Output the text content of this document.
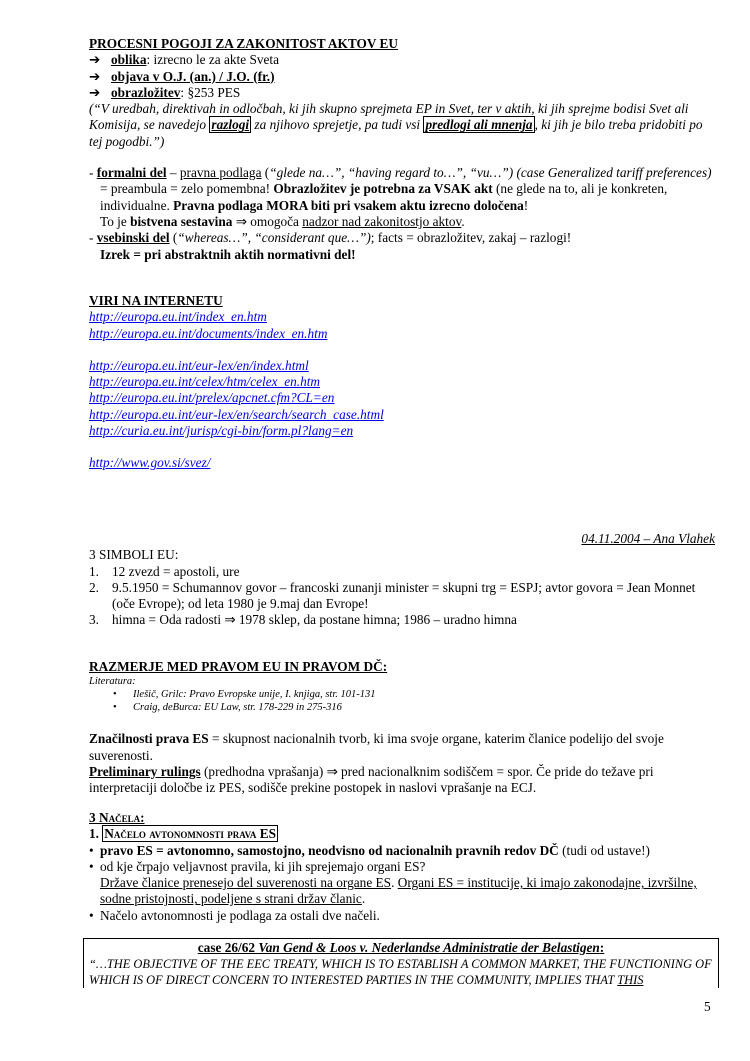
PROCESNI POGOJI ZA ZAKONITOST AKTOV EU
➔ oblika: izrecno le za akte Sveta
➔ objava v O.J. (an.) / J.O. (fr.)
➔ obrazložitev: §253 PES
(“V uredbah, direktivah in odločbah, ki jih skupno sprejmeta EP in Svet, ter v aktih, ki jih sprejme bodisi Svet ali Komisija, se navedejo razlogi za njihovo sprejetje, pa tudi vsi predlogi ali mnenja , ki jih je bilo treba pridobiti po tej pogodbi.”)
- formalni del – pravna podlaga (“glede na…”, “having regard to…”, “vu…”) (case Generalized tariff preferences) = preambula = zelo pomembna! Obrazložitev je potrebna za VSAK akt (ne glede na to, ali je konkreten, individualne. Pravna podlaga MORA biti pri vsakem aktu izrecno določena!
To je bistvena sestavina ⇒ omogoča nadzor nad zakonitostjo aktov.
- vsebinski del (“whereas…”, “considerant que…”); facts = obrazložitev, zakaj – razlogi!
Izrek = pri abstraktnih aktih normativni del!
VIRI NA INTERNETU
http://europa.eu.int/index_en.htm
http://europa.eu.int/documents/index_en.htm
http://europa.eu.int/eur-lex/en/index.html
http://europa.eu.int/celex/htm/celex_en.htm
http://europa.eu.int/prelex/apcnet.cfm?CL=en
http://europa.eu.int/eur-lex/en/search/search_case.html
http://curia.eu.int/jurisp/cgi-bin/form.pl?lang=en
http://www.gov.si/svez/
04.11.2004 – Ana Vlahek
3 SIMBOLI EU:
1. 12 zvezd = apostoli, ure
2. 9.5.1950 = Schumannov govor – francoski zunanji minister = skupni trg = ESPJ; avtor govora = Jean Monnet (oče Evrope); od leta 1980 je 9.maj dan Evrope!
3. himna = Oda radosti ⇒ 1978 sklep, da postane himna; 1986 – uradno himna
RAZMERJE MED PRAVOM EU IN PRAVOM DČ:
Literatura:
• Ilešič, Grilc: Pravo Evropske unije, I. knjiga, str. 101-131
• Craig, deBurca: EU Law, str. 178-229 in 275-316
Značilnosti prava ES = skupnost nacionalnih tvorb, ki ima svoje organe, katerim članice podelijo del svoje suverenosti.
Preliminary rulings (predhodna vprašanja) ⇒ pred nacionalknim sodiščem = spor. Če pride do težave pri interpretaciji določbe iz PES, sodišče prekine postopek in naslovi vprašanje na ECJ.
3 Načela:
1. Načelo avtonomnosti prava ES
• pravo ES = avtonomno, samostojno, neodvisno od nacionalnih pravnih redov DČ (tudi od ustave!)
• od kje črpajo veljavnost pravila, ki jih sprejemajo organi ES?
Države članice prenesejo del suverenosti na organe ES. Organi ES = institucije, ki imajo zakonodajne, izvršilne, sodne pristojnosti, podeljene s strani držav članic.
• Načelo avtonomnosti je podlaga za ostali dve načeli.
case 26/62 Van Gend & Loos v. Nederlandse Administratie der Belastigen:
“…THE OBJECTIVE OF THE EEC TREATY, WHICH IS TO ESTABLISH A COMMON MARKET, THE FUNCTIONING OF WHICH IS OF DIRECT CONCERN TO INTERESTED PARTIES IN THE COMMUNITY, IMPLIES THAT THIS
5
